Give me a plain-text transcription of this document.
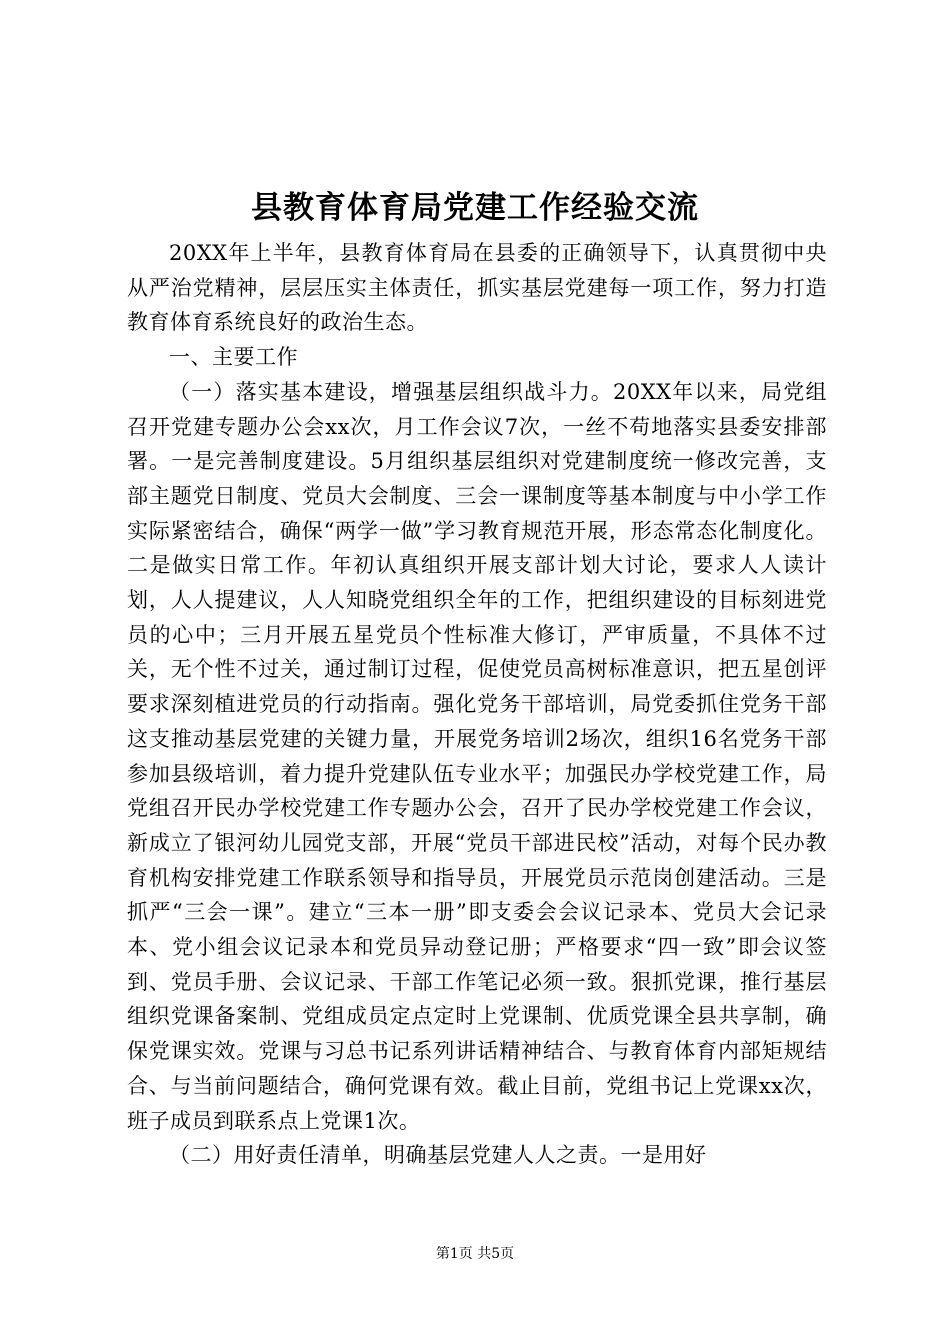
县教育体育局党建工作经验交流

20XX年上半年，县教育体育局在县委的正确领导下，认真贯彻中央从严治党精神，层层压实主体责任，抓实基层党建每一项工作，努力打造教育体育系统良好的政治生态。

一、主要工作

（一）落实基本建设，增强基层组织战斗力。20XX年以来，局党组召开党建专题办公会xx次，月工作会议7次，一丝不苟地落实县委安排部署。一是完善制度建设。5月组织基层组织对党建制度统一修改完善，支部主题党日制度、党员大会制度、三会一课制度等基本制度与中小学工作实际紧密结合，确保“两学一做”学习教育规范开展，形态常态化制度化。二是做实日常工作。年初认真组织开展支部计划大讨论，要求人人读计划，人人提建议，人人知晓党组织全年的工作，把组织建设的目标刻进党员的心中；三月开展五星党员个性标准大修订，严审质量，不具体不过关，无个性不过关，通过制订过程，促使党员高树标准意识，把五星创评要求深刻植进党员的行动指南。强化党务干部培训，局党委抓住党务干部这支推动基层党建的关键力量，开展党务培训2场次，组织16名党务干部参加县级培训，着力提升党建队伍专业水平；加强民办学校党建工作，局党组召开民办学校党建工作专题办公会，召开了民办学校党建工作会议，新成立了银河幼儿园党支部，开展“党员干部进民校”活动，对每个民办教育机构安排党建工作联系领导和指导员，开展党员示范岗创建活动。三是抓严“三会一课”。建立“三本一册”即支委会会议记录本、党员大会记录本、党小组会议记录本和党员异动登记册；严格要求“四一致”即会议签到、党员手册、会议记录、干部工作笔记必须一致。狠抓党课，推行基层组织党课备案制、党组成员定点定时上党课制、优质党课全县共享制，确保党课实效。党课与习总书记系列讲话精神结合、与教育体育内部矩规结合、与当前问题结合，确何党课有效。截止目前，党组书记上党课xx次，班子成员到联系点上党课1次。

（二）用好责任清单，明确基层党建人人之责。一是用好

第1页 共5页
